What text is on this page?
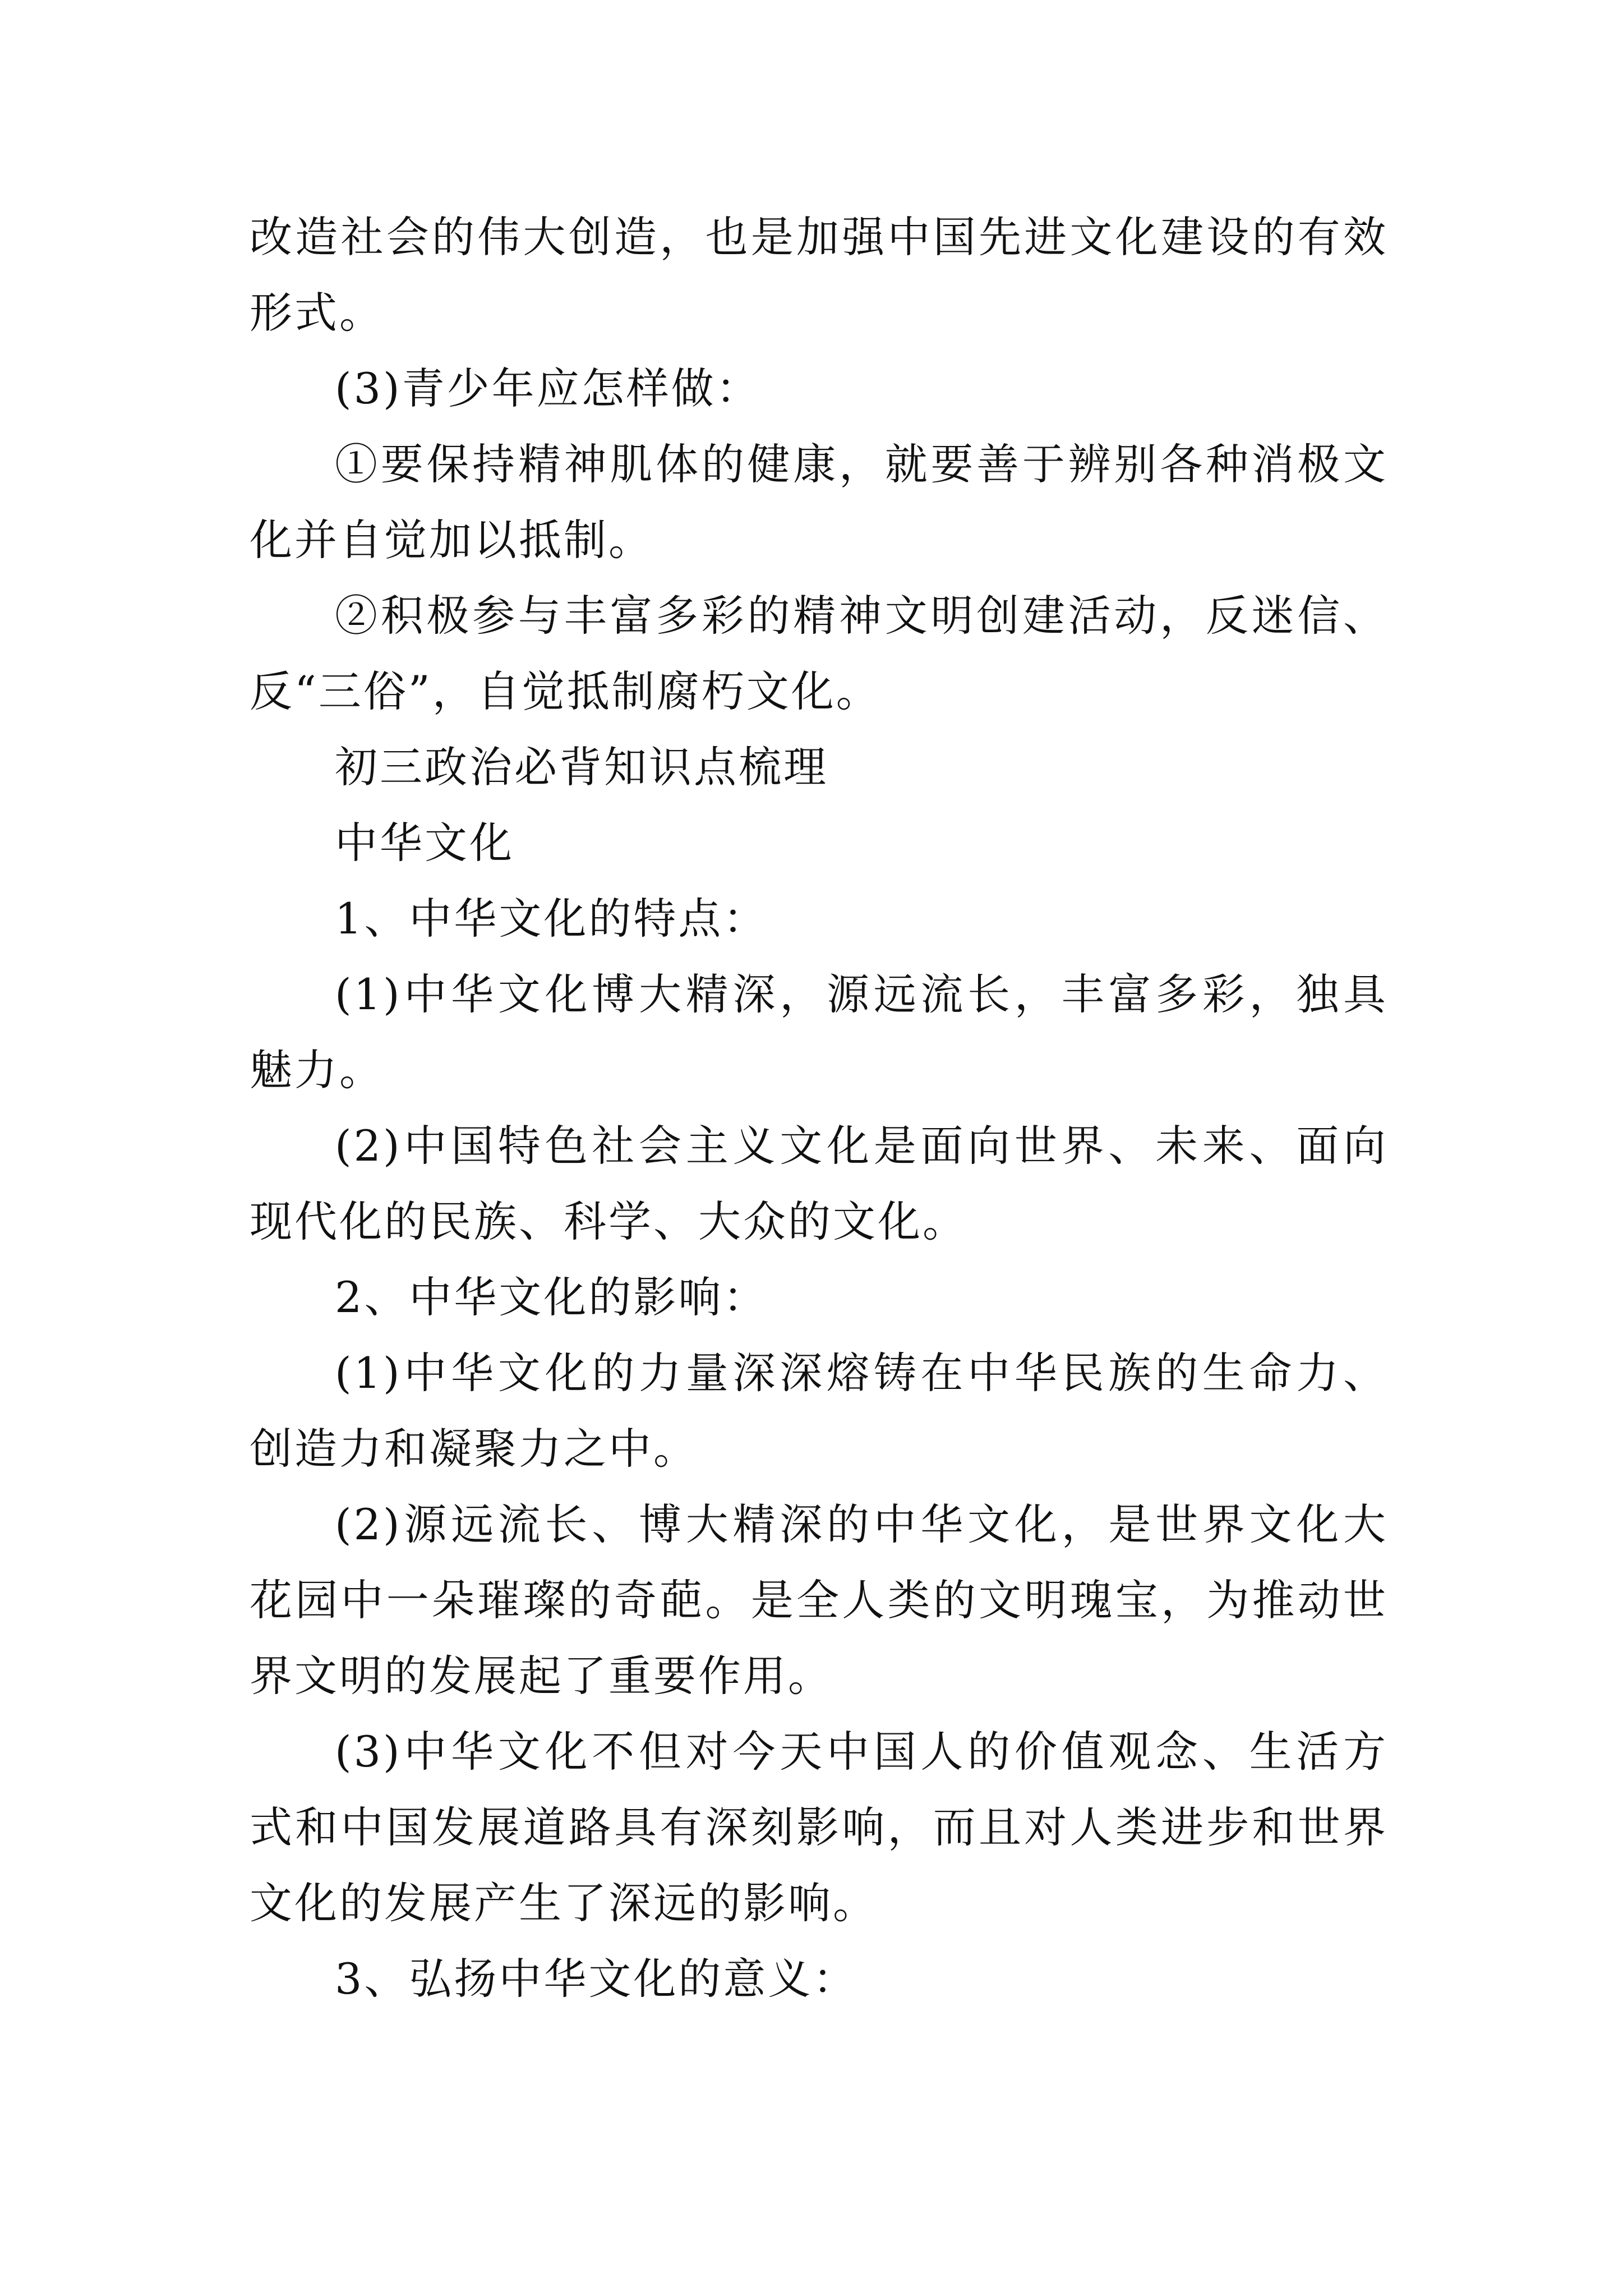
改造社会的伟大创造，也是加强中国先进文化建设的有效形式。

(3)青少年应怎样做：

①要保持精神肌体的健康，就要善于辨别各种消极文化并自觉加以抵制。

②积极参与丰富多彩的精神文明创建活动，反迷信、反“三俗”，自觉抵制腐朽文化。

初三政治必背知识点梳理

中华文化

1、中华文化的特点：

(1)中华文化博大精深，源远流长，丰富多彩，独具魅力。

(2)中国特色社会主义文化是面向世界、未来、面向现代化的民族、科学、大众的文化。

2、中华文化的影响：

(1)中华文化的力量深深熔铸在中华民族的生命力、创造力和凝聚力之中。

(2)源远流长、博大精深的中华文化，是世界文化大花园中一朵璀璨的奇葩。是全人类的文明瑰宝，为推动世界文明的发展起了重要作用。

(3)中华文化不但对今天中国人的价值观念、生活方式和中国发展道路具有深刻影响，而且对人类进步和世界文化的发展产生了深远的影响。

3、弘扬中华文化的意义：
